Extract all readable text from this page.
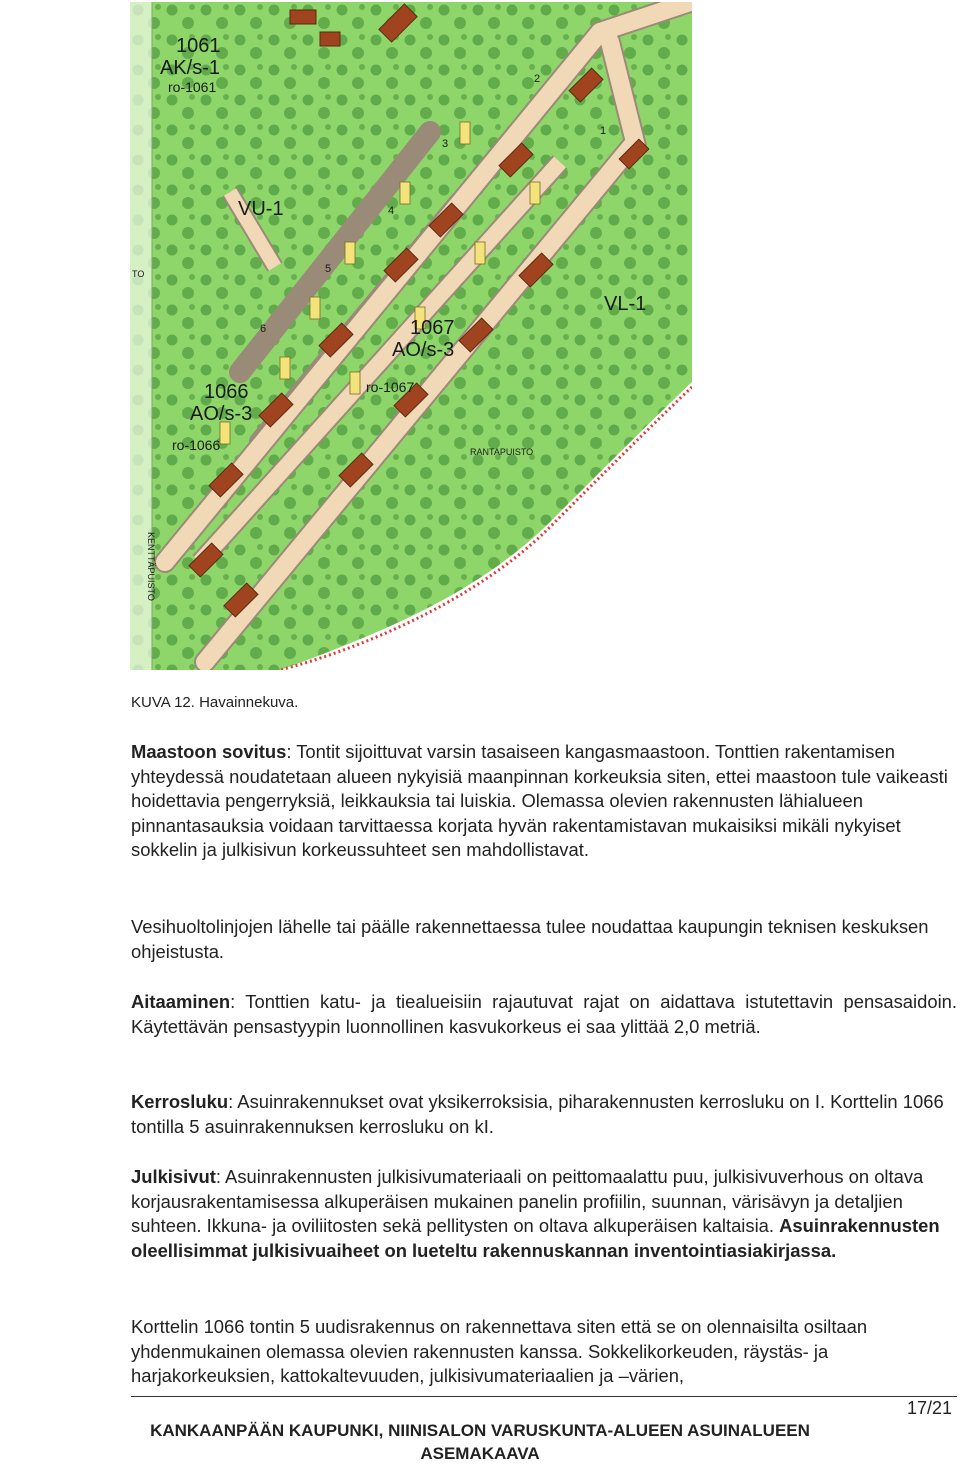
1061
AK/s-1
ro-1061
VU-1
VL-1
1067
AO/s-3
ro-1067
1066
AO/s-3
ro-1066	RANTAPUISTO
KENTTÄPUISTO
TO
2
3
4
5
6
1
KUVA 12. Havainnekuva.

Maastoon sovitus: Tontit sijoittuvat varsin tasaiseen kangasmaastoon. Tonttien rakentamisen yhteydessä noudatetaan alueen nykyisiä maanpinnan korkeuksia siten, ettei maastoon tule vaikeasti hoidettavia pengerryksiä, leikkauksia tai luiskia. Olemassa olevien rakennusten lähialueen pinnantasauksia voidaan tarvittaessa korjata hyvän rakentamistavan mukaisiksi mikäli nykyiset sokkelin ja julkisivun korkeussuhteet sen mahdollistavat.

Vesihuoltolinjojen lähelle tai päälle rakennettaessa tulee noudattaa kaupungin teknisen keskuksen ohjeistusta.

Aitaaminen: Tonttien katu- ja tiealueisiin rajautuvat rajat on aidattava istutettavin pensasaidoin. Käytettävän pensastyypin luonnollinen kasvukorkeus ei saa ylittää 2,0 metriä.

Kerrosluku: Asuinrakennukset ovat yksikerroksisia, piharakennusten kerrosluku on I. Korttelin 1066 tontilla 5 asuinrakennuksen kerrosluku on kI.

Julkisivut: Asuinrakennusten julkisivumateriaali on peittomaalattu puu, julkisivuverhous on oltava korjausrakentamisessa alkuperäisen mukainen panelin profiilin, suunnan, värisävyn ja detaljien suhteen. Ikkuna- ja oviliitosten sekä pellitysten on oltava alkuperäisen kaltaisia. Asuinrakennusten oleellisimmat julkisivuaiheet on lueteltu rakennuskannan inventointiasiakirjassa.

Korttelin 1066 tontin 5 uudisrakennus on rakennettava siten että se on olennaisilta osiltaan yhdenmukainen olemassa olevien rakennusten kanssa. Sokkelikorkeuden, räystäs- ja harjakorkeuksien, kattokaltevuuden, julkisivumateriaalien ja –värien,

17/21
KANKAANPÄÄN KAUPUNKI, NIINISALON VARUSKUNTA-ALUEEN ASUINALUEEN
ASEMAKAAVA
